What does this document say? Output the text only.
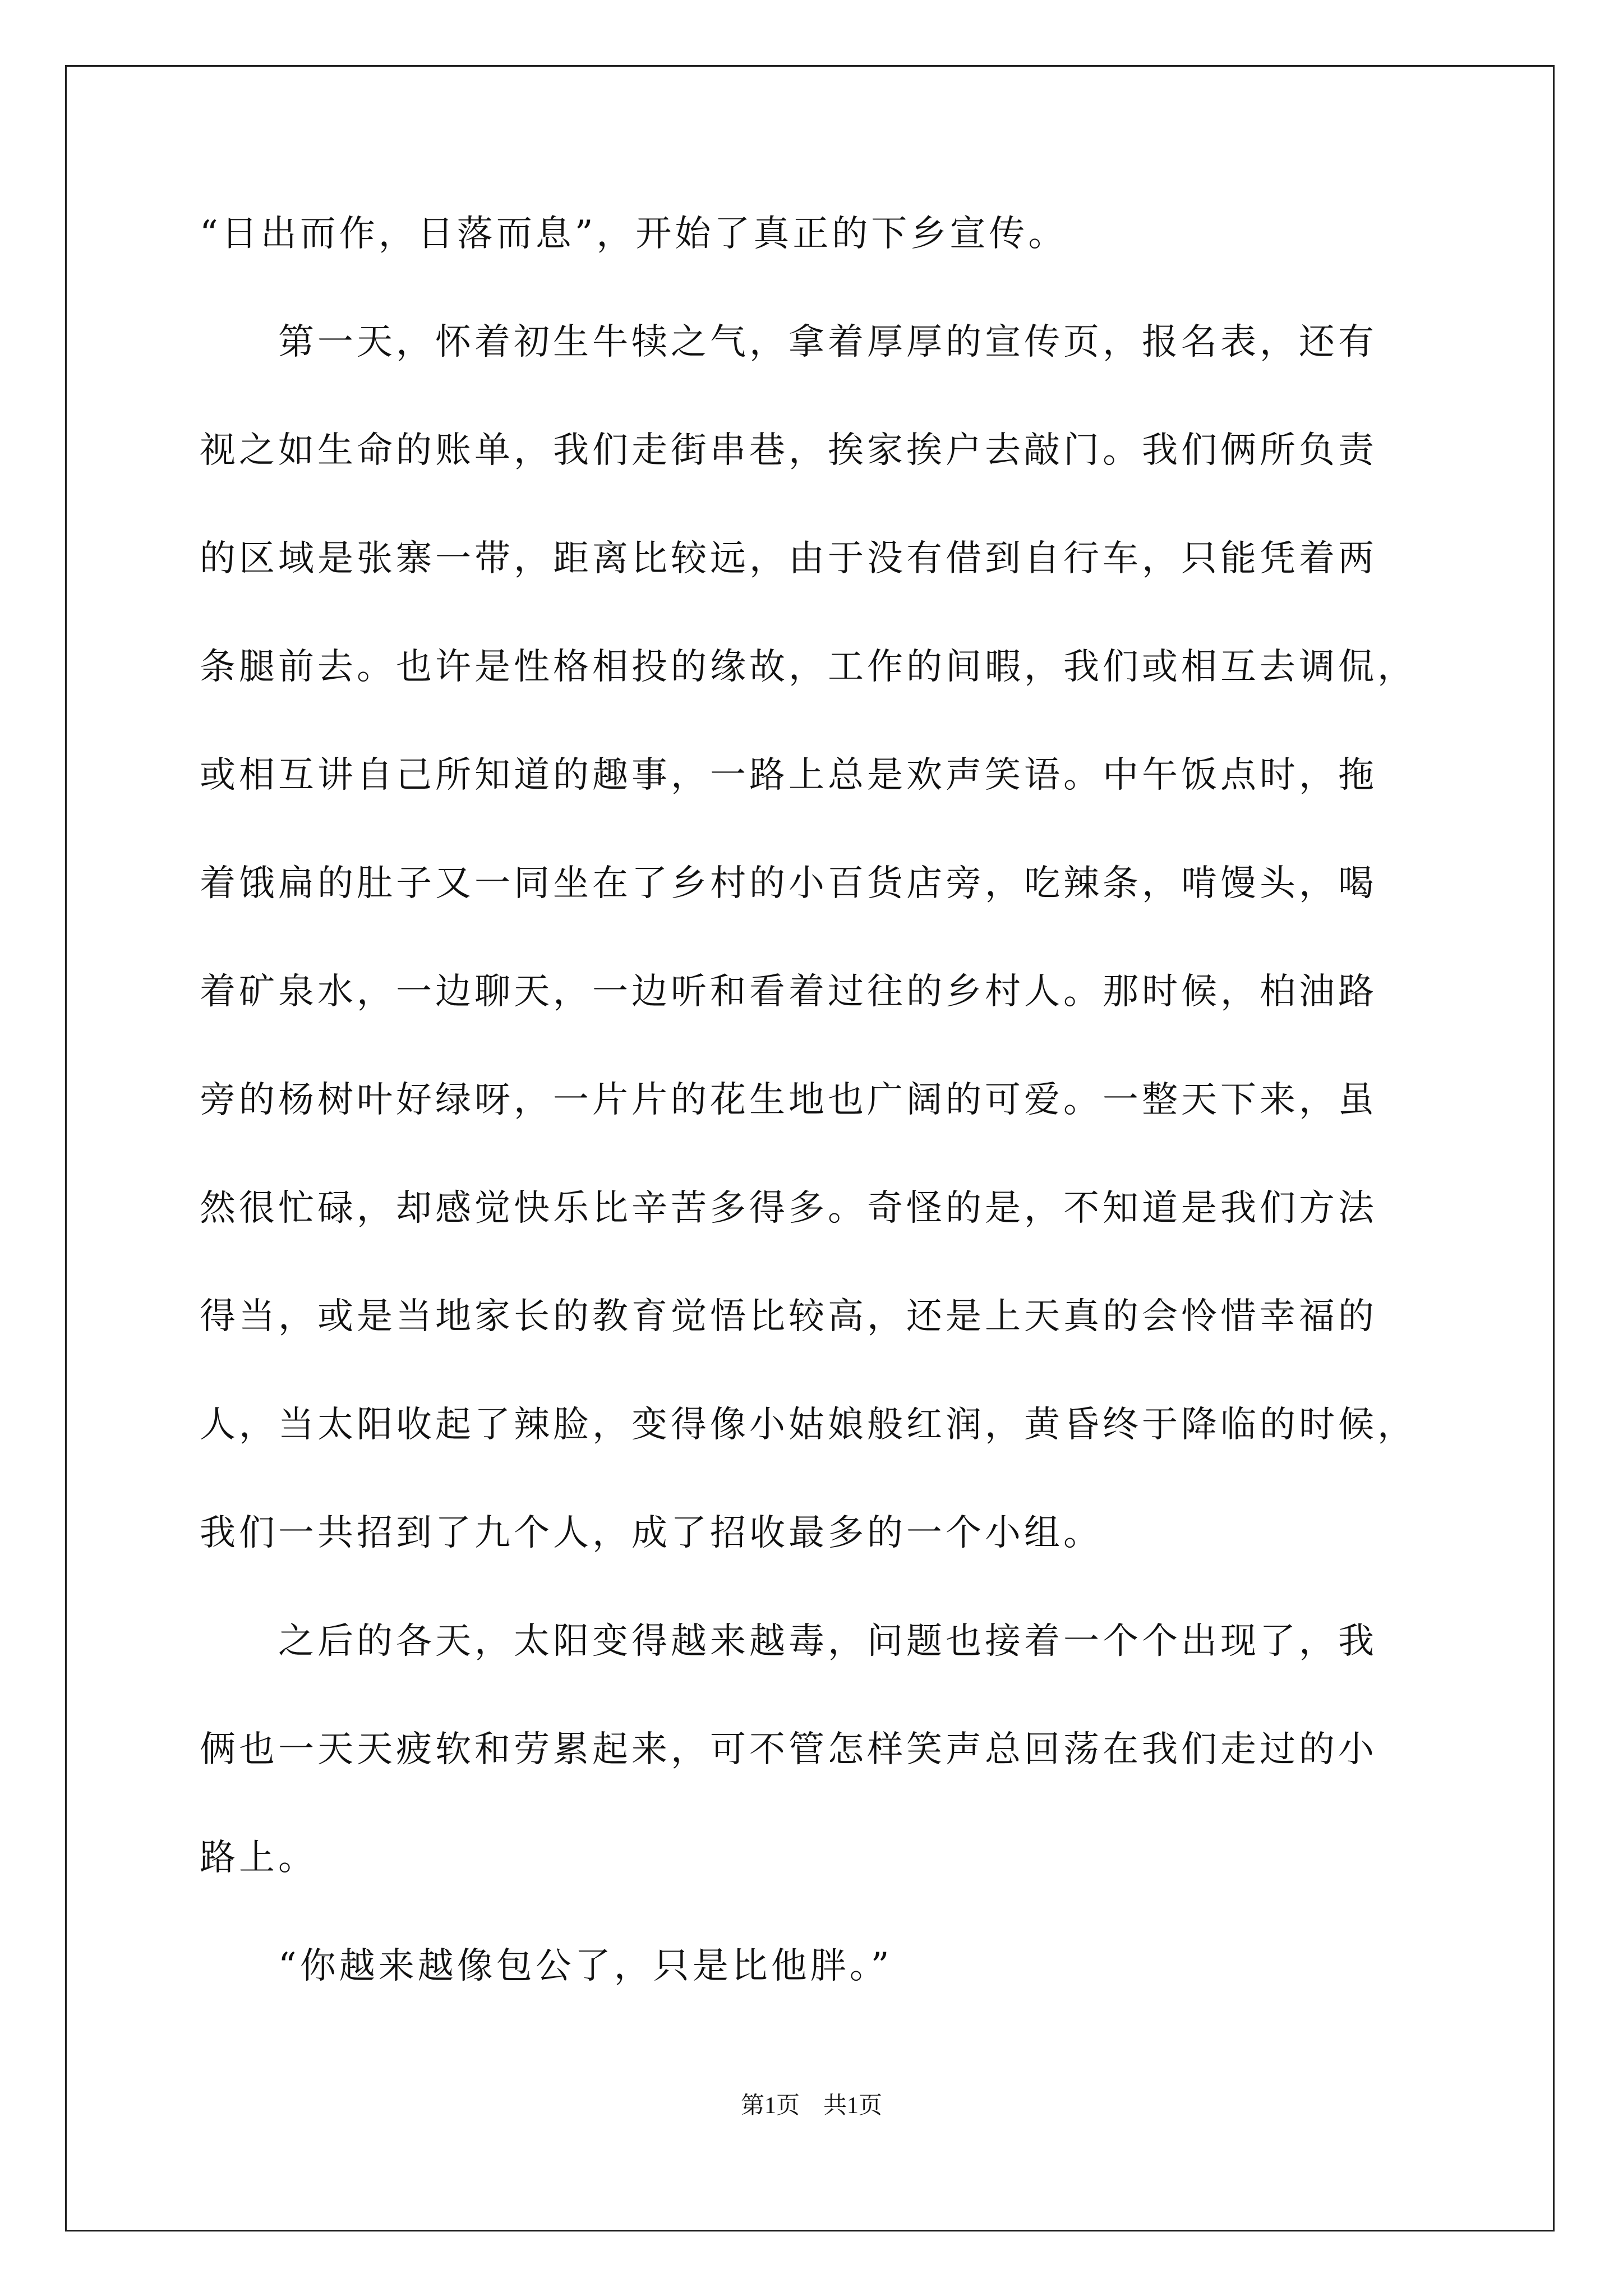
“日出而作，日落而息”，开始了真正的下乡宣传。
　　第一天，怀着初生牛犊之气，拿着厚厚的宣传页，报名表，还有
视之如生命的账单，我们走街串巷，挨家挨户去敲门。我们俩所负责
的区域是张寨一带，距离比较远，由于没有借到自行车，只能凭着两
条腿前去。也许是性格相投的缘故，工作的间暇，我们或相互去调侃，
或相互讲自己所知道的趣事，一路上总是欢声笑语。中午饭点时，拖
着饿扁的肚子又一同坐在了乡村的小百货店旁，吃辣条，啃馒头，喝
着矿泉水，一边聊天，一边听和看着过往的乡村人。那时候，柏油路
旁的杨树叶好绿呀，一片片的花生地也广阔的可爱。一整天下来，虽
然很忙碌，却感觉快乐比辛苦多得多。奇怪的是，不知道是我们方法
得当，或是当地家长的教育觉悟比较高，还是上天真的会怜惜幸福的
人，当太阳收起了辣脸，变得像小姑娘般红润，黄昏终于降临的时候，
我们一共招到了九个人，成了招收最多的一个小组。
　　之后的各天，太阳变得越来越毒，问题也接着一个个出现了，我
俩也一天天疲软和劳累起来，可不管怎样笑声总回荡在我们走过的小
路上。
　　“你越来越像包公了，只是比他胖。”
第1页　共1页
